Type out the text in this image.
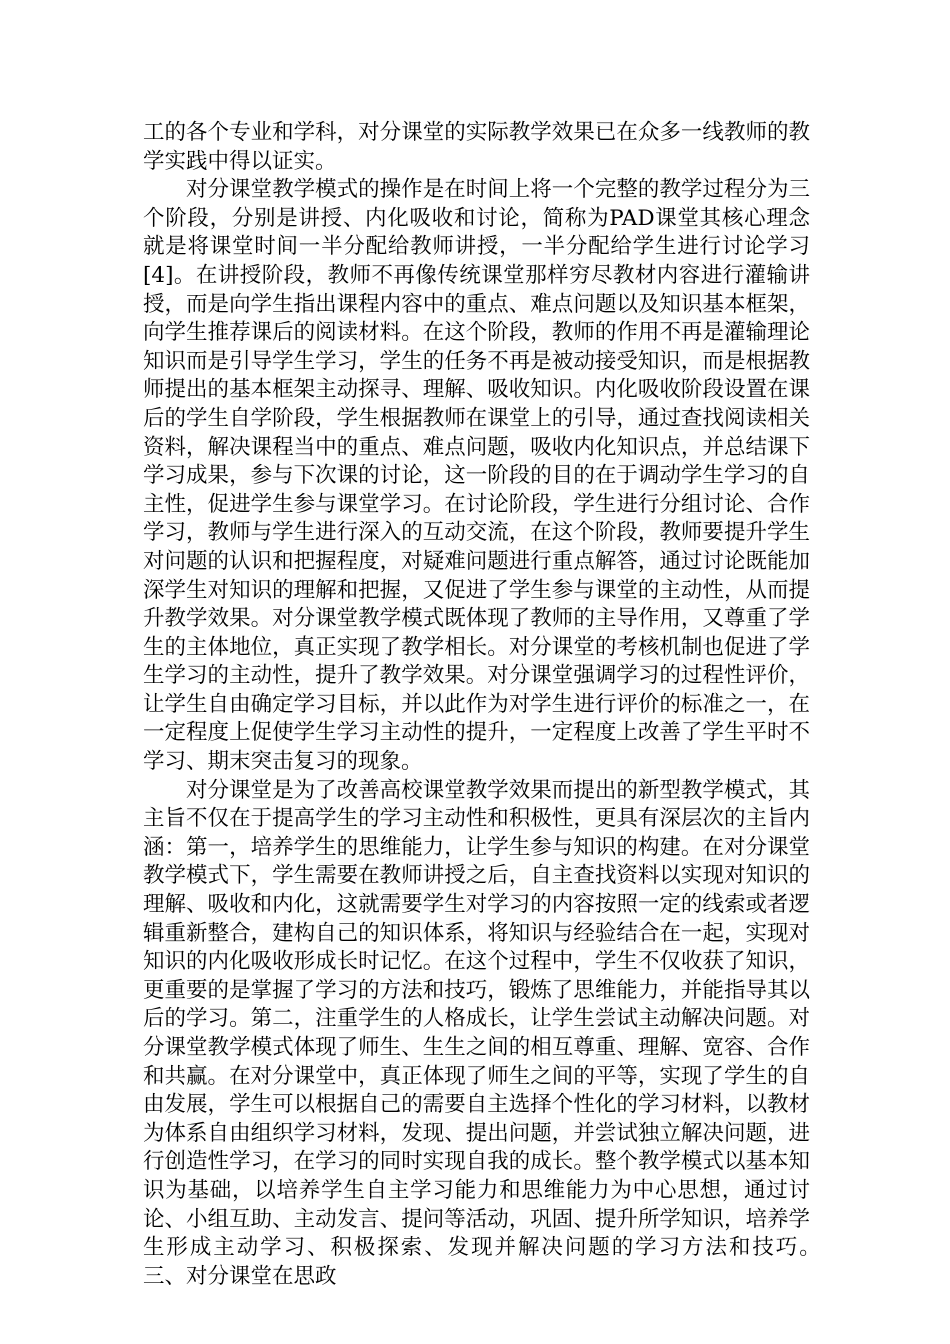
工的各个专业和学科，对分课堂的实际教学效果已在众多一线教师的教学实践中得以证实。

对分课堂教学模式的操作是在时间上将一个完整的教学过程分为三个阶段，分别是讲授、内化吸收和讨论，简称为PAD课堂其核心理念就是将课堂时间一半分配给教师讲授，一半分配给学生进行讨论学习[4]。在讲授阶段，教师不再像传统课堂那样穷尽教材内容进行灌输讲授，而是向学生指出课程内容中的重点、难点问题以及知识基本框架，向学生推荐课后的阅读材料。在这个阶段，教师的作用不再是灌输理论知识而是引导学生学习，学生的任务不再是被动接受知识，而是根据教师提出的基本框架主动探寻、理解、吸收知识。内化吸收阶段设置在课后的学生自学阶段，学生根据教师在课堂上的引导，通过查找阅读相关资料，解决课程当中的重点、难点问题，吸收内化知识点，并总结课下学习成果，参与下次课的讨论，这一阶段的目的在于调动学生学习的自主性，促进学生参与课堂学习。在讨论阶段，学生进行分组讨论、合作学习，教师与学生进行深入的互动交流，在这个阶段，教师要提升学生对问题的认识和把握程度，对疑难问题进行重点解答，通过讨论既能加深学生对知识的理解和把握，又促进了学生参与课堂的主动性，从而提升教学效果。对分课堂教学模式既体现了教师的主导作用，又尊重了学生的主体地位，真正实现了教学相长。对分课堂的考核机制也促进了学生学习的主动性，提升了教学效果。对分课堂强调学习的过程性评价，让学生自由确定学习目标，并以此作为对学生进行评价的标准之一，在一定程度上促使学生学习主动性的提升，一定程度上改善了学生平时不学习、期末突击复习的现象。

对分课堂是为了改善高校课堂教学效果而提出的新型教学模式，其主旨不仅在于提高学生的学习主动性和积极性，更具有深层次的主旨内涵：第一，培养学生的思维能力，让学生参与知识的构建。在对分课堂教学模式下，学生需要在教师讲授之后，自主查找资料以实现对知识的理解、吸收和内化，这就需要学生对学习的内容按照一定的线索或者逻辑重新整合，建构自己的知识体系，将知识与经验结合在一起，实现对知识的内化吸收形成长时记忆。在这个过程中，学生不仅收获了知识，更重要的是掌握了学习的方法和技巧，锻炼了思维能力，并能指导其以后的学习。第二，注重学生的人格成长，让学生尝试主动解决问题。对分课堂教学模式体现了师生、生生之间的相互尊重、理解、宽容、合作和共赢。在对分课堂中，真正体现了师生之间的平等，实现了学生的自由发展，学生可以根据自己的需要自主选择个性化的学习材料，以教材为体系自由组织学习材料，发现、提出问题，并尝试独立解决问题，进行创造性学习，在学习的同时实现自我的成长。整个教学模式以基本知识为基础，以培养学生自主学习能力和思维能力为中心思想，通过讨论、小组互助、主动发言、提问等活动，巩固、提升所学知识，培养学生形成主动学习、积极探索、发现并解决问题的学习方法和技巧。　　　　三、对分课堂在思政
